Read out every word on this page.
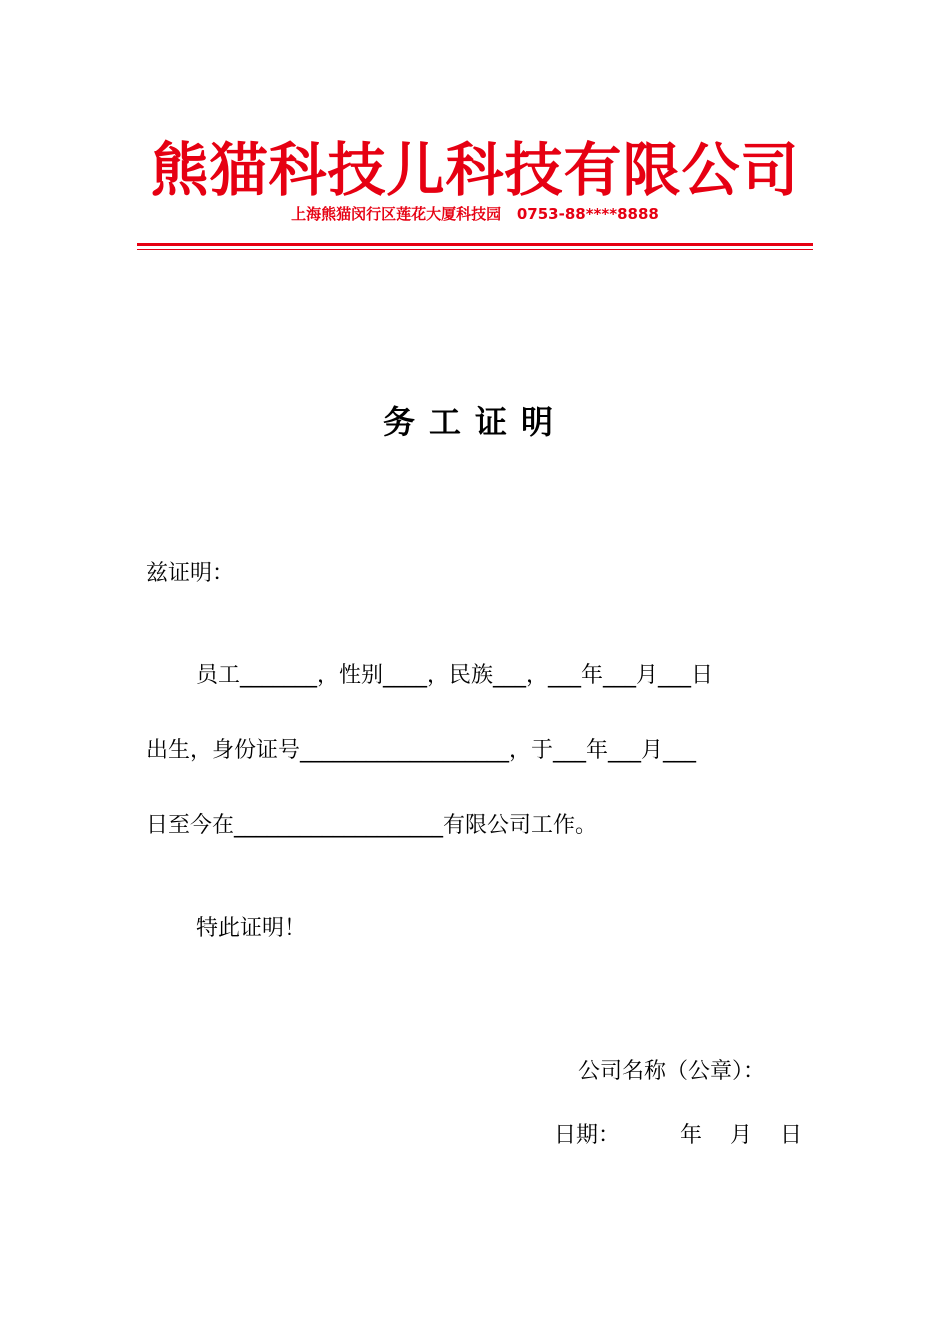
熊猫科技儿科技有限公司
上海熊猫闵行区莲花大厦科技园   0753-88****8888
务工证明
兹证明：
员工_______，性别____，民族___，___年___月___日
出生，身份证号___________________，于___年___月___
日至今在___________________有限公司工作。
特此证明！
公司名称（公章）：
日期：	年    月    日
